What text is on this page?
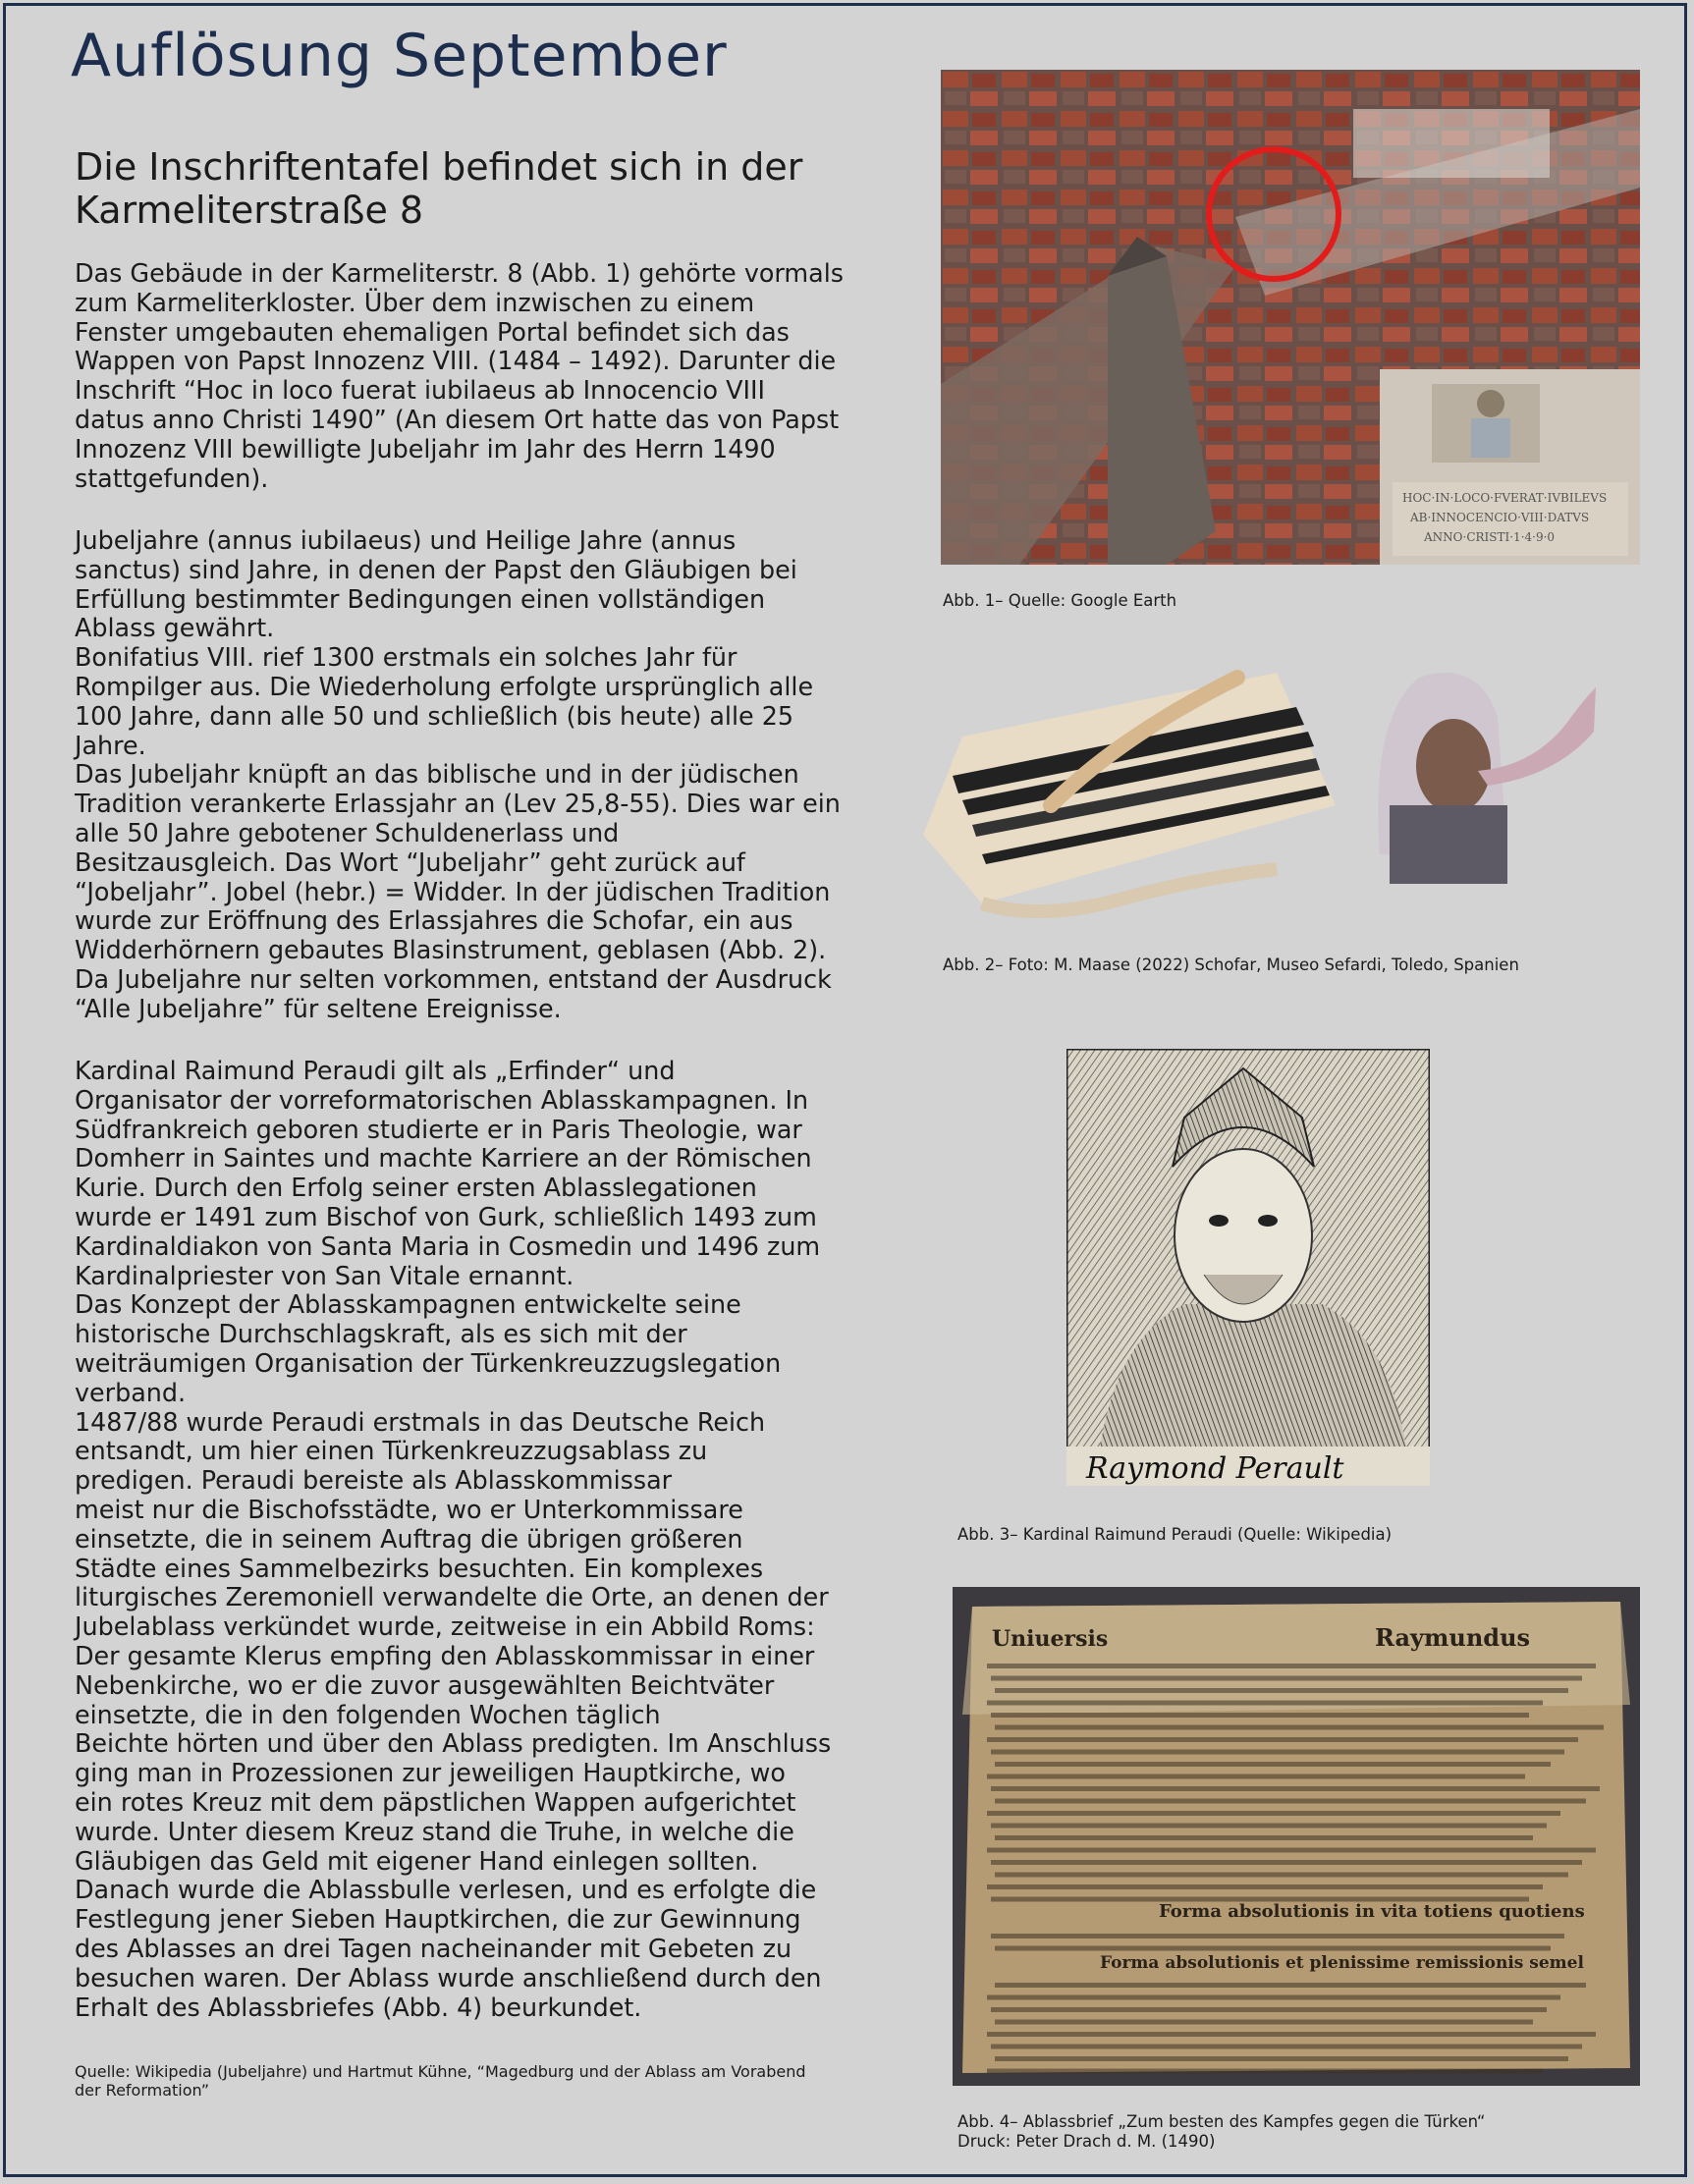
Auflösung September
Die Inschriftentafel befindet sich in der
Karmeliterstraße 8
Das Gebäude in der Karmeliterstr. 8 (Abb. 1) gehörte vormals
zum Karmeliterkloster. Über dem inzwischen zu einem
Fenster umgebauten ehemaligen Portal befindet sich das
Wappen von Papst Innozenz VIII. (1484 – 1492). Darunter die
Inschrift “Hoc in loco fuerat iubilaeus ab Innocencio VIII
datus anno Christi 1490” (An diesem Ort hatte das von Papst
Innozenz VIII bewilligte Jubeljahr im Jahr des Herrn 1490
stattgefunden).
Jubeljahre (annus iubilaeus) und Heilige Jahre (annus
sanctus) sind Jahre, in denen der Papst den Gläubigen bei
Erfüllung bestimmter Bedingungen einen vollständigen
Ablass gewährt.
Bonifatius VIII. rief 1300 erstmals ein solches Jahr für
Rompilger aus. Die Wiederholung erfolgte ursprünglich alle
100 Jahre, dann alle 50 und schließlich (bis heute) alle 25
Jahre.
Das Jubeljahr knüpft an das biblische und in der jüdischen
Tradition verankerte Erlassjahr an (Lev 25,8-55). Dies war ein
alle 50 Jahre gebotener Schuldenerlass und
Besitzausgleich. Das Wort “Jubeljahr” geht zurück auf
“Jobeljahr”. Jobel (hebr.) = Widder. In der jüdischen Tradition
wurde zur Eröffnung des Erlassjahres die Schofar, ein aus
Widderhörnern gebautes Blasinstrument, geblasen (Abb. 2).
Da Jubeljahre nur selten vorkommen, entstand der Ausdruck
“Alle Jubeljahre” für seltene Ereignisse.
Kardinal Raimund Peraudi gilt als „Erfinder“ und
Organisator der vorreformatorischen Ablasskampagnen. In
Südfrankreich geboren studierte er in Paris Theologie, war
Domherr in Saintes und machte Karriere an der Römischen
Kurie. Durch den Erfolg seiner ersten Ablasslegationen
wurde er 1491 zum Bischof von Gurk, schließlich 1493 zum
Kardinaldiakon von Santa Maria in Cosmedin und 1496 zum
Kardinalpriester von San Vitale ernannt.
Das Konzept der Ablasskampagnen entwickelte seine
historische Durchschlagskraft, als es sich mit der
weiträumigen Organisation der Türkenkreuzzugslegation
verband.
1487/88 wurde Peraudi erstmals in das Deutsche Reich
entsandt, um hier einen Türkenkreuzzugsablass zu
predigen. Peraudi bereiste als Ablasskommissar
meist nur die Bischofsstädte, wo er Unterkommissare
einsetzte, die in seinem Auftrag die übrigen größeren
Städte eines Sammelbezirks besuchten. Ein komplexes
liturgisches Zeremoniell verwandelte die Orte, an denen der
Jubelablass verkündet wurde, zeitweise in ein Abbild Roms:
Der gesamte Klerus empfing den Ablasskommissar in einer
Nebenkirche, wo er die zuvor ausgewählten Beichtväter
einsetzte, die in den folgenden Wochen täglich
Beichte hörten und über den Ablass predigten. Im Anschluss
ging man in Prozessionen zur jeweiligen Hauptkirche, wo
ein rotes Kreuz mit dem päpstlichen Wappen aufgerichtet
wurde. Unter diesem Kreuz stand die Truhe, in welche die
Gläubigen das Geld mit eigener Hand einlegen sollten.
Danach wurde die Ablassbulle verlesen, und es erfolgte die
Festlegung jener Sieben Hauptkirchen, die zur Gewinnung
des Ablasses an drei Tagen nacheinander mit Gebeten zu
besuchen waren. Der Ablass wurde anschließend durch den
Erhalt des Ablassbriefes (Abb. 4) beurkundet.
Quelle: Wikipedia (Jubeljahre) und Hartmut Kühne, “Magedburg und der Ablass am Vorabend
der Reformation”
HOC·IN·LOCO·FVERAT·IVBILEVS
AB·INNOCENCIO·VIII·DATVS
ANNO·CRISTI·1·4·9·0
Abb. 1– Quelle: Google Earth
Abb. 2– Foto: M. Maase (2022) Schofar, Museo Sefardi, Toledo, Spanien
Raymond Perault
Abb. 3– Kardinal Raimund Peraudi (Quelle: Wikipedia)
Uniuersis	Raymundus
Forma absolutionis in vita totiens quotiens
Forma absolutionis et plenissime remissionis semel
Abb. 4– Ablassbrief „Zum besten des Kampfes gegen die Türken“
Druck: Peter Drach d. M. (1490)
